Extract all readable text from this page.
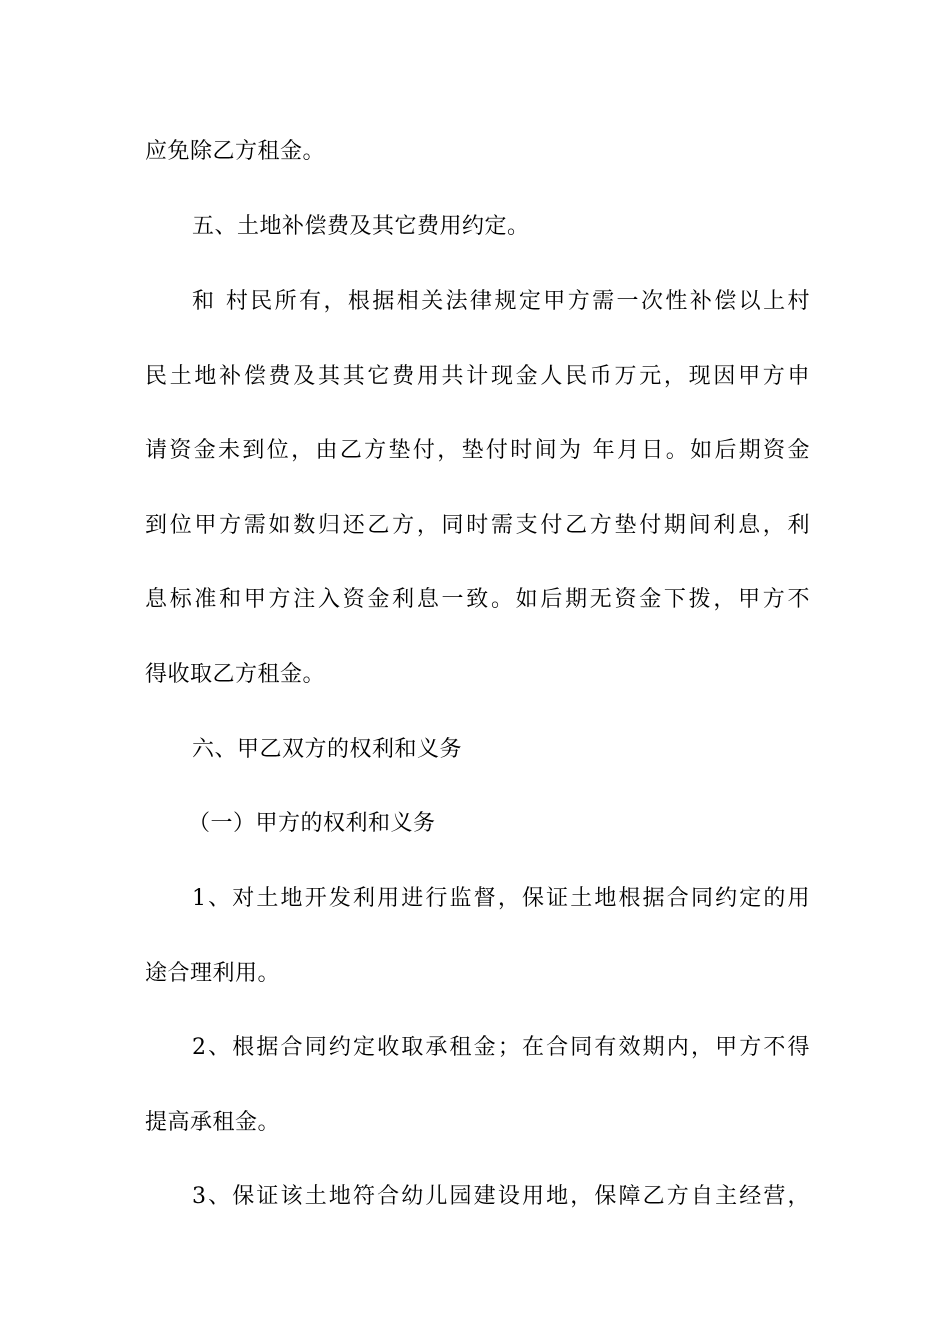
应免除乙方租金。
五、土地补偿费及其它费用约定。
和 村民所有，根据相关法律规定甲方需一次性补偿以上村
民土地补偿费及其其它费用共计现金人民币万元，现因甲方申
请资金未到位，由乙方垫付，垫付时间为 年月日。如后期资金
到位甲方需如数归还乙方，同时需支付乙方垫付期间利息，利
息标准和甲方注入资金利息一致。如后期无资金下拨，甲方不
得收取乙方租金。
六、甲乙双方的权利和义务
（一）甲方的权利和义务
1、对土地开发利用进行监督，保证土地根据合同约定的用
途合理利用。
2、根据合同约定收取承租金；在合同有效期内，甲方不得
提高承租金。
3、保证该土地符合幼儿园建设用地，保障乙方自主经营，
